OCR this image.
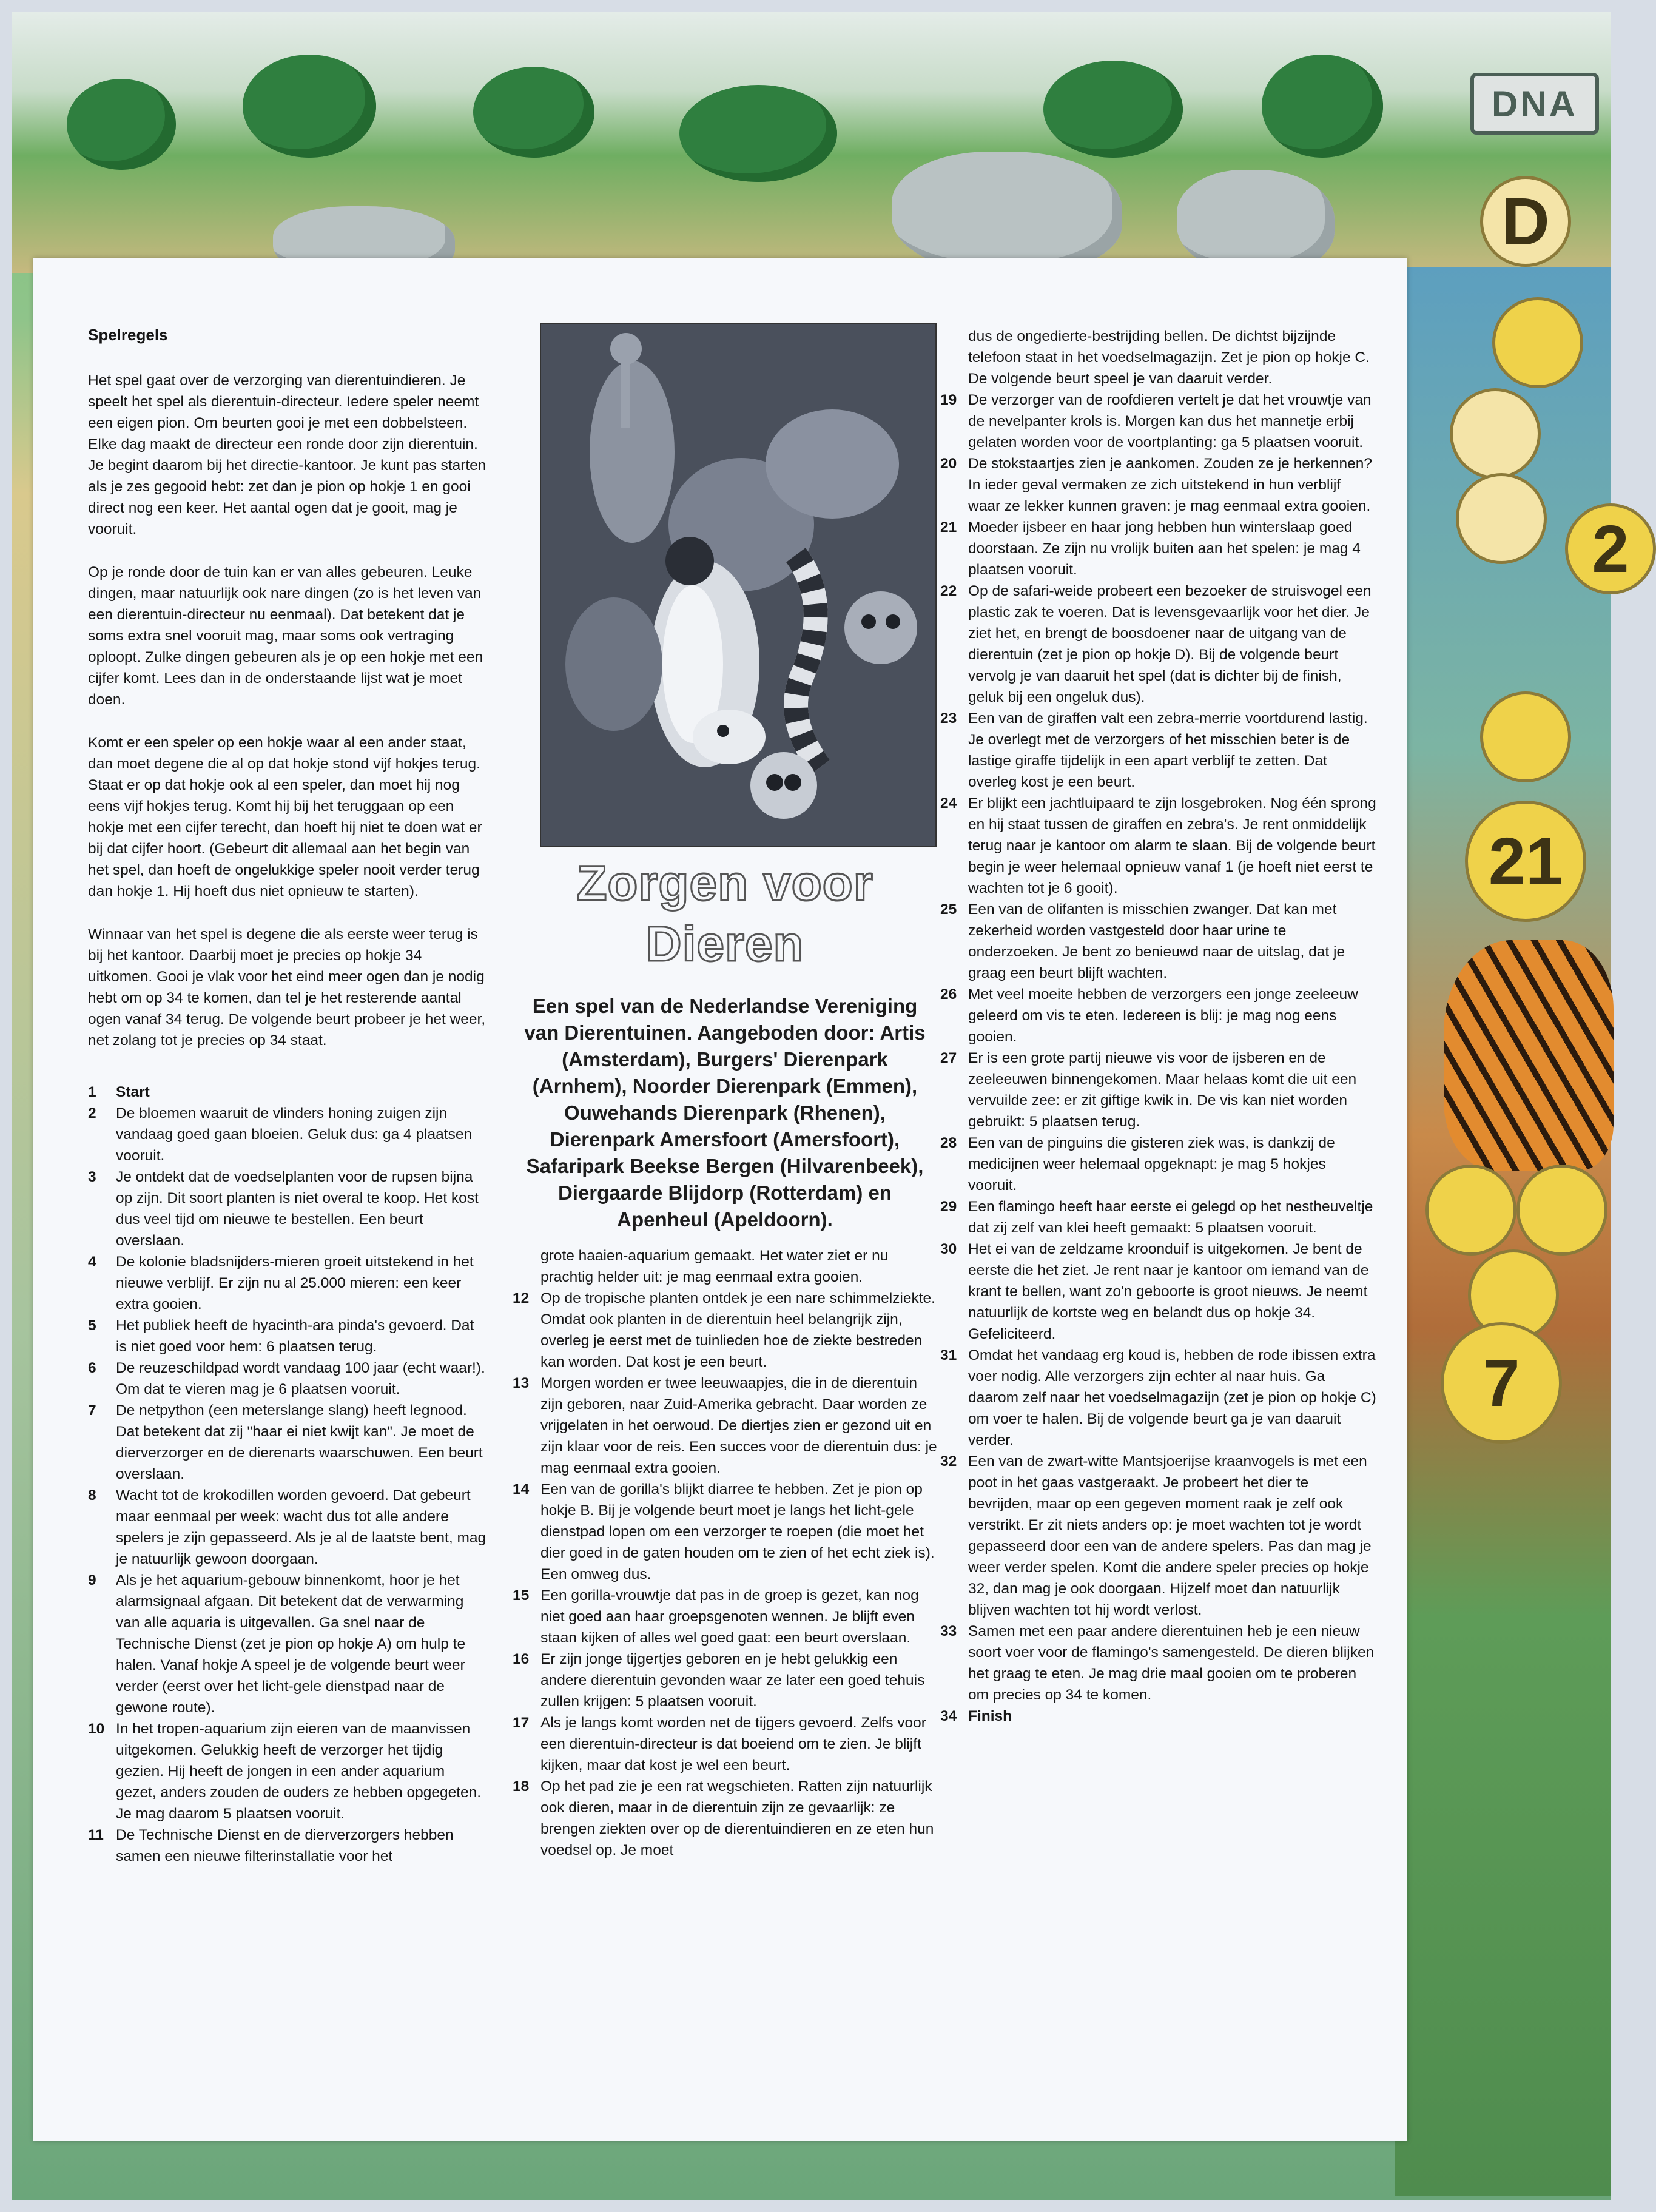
DNA
D
2
21
7
Spelregels

Het spel gaat over de verzorging van dierentuindieren. Je speelt het spel als dierentuin-directeur. Iedere speler neemt een eigen pion. Om beurten gooi je met een dobbelsteen. Elke dag maakt de directeur een ronde door zijn dierentuin. Je begint daarom bij het directie-kantoor. Je kunt pas starten als je zes gegooid hebt: zet dan je pion op hokje 1 en gooi direct nog een keer. Het aantal ogen dat je gooit, mag je vooruit.

Op je ronde door de tuin kan er van alles gebeuren. Leuke dingen, maar natuurlijk ook nare dingen (zo is het leven van een dierentuin-directeur nu eenmaal). Dat betekent dat je soms extra snel vooruit mag, maar soms ook vertraging oploopt. Zulke dingen gebeuren als je op een hokje met een cijfer komt. Lees dan in de onderstaande lijst wat je moet doen.

Komt er een speler op een hokje waar al een ander staat, dan moet degene die al op dat hokje stond vijf hokjes terug. Staat er op dat hokje ook al een speler, dan moet hij nog eens vijf hokjes terug. Komt hij bij het teruggaan op een hokje met een cijfer terecht, dan hoeft hij niet te doen wat er bij dat cijfer hoort. (Gebeurt dit allemaal aan het begin van het spel, dan hoeft de ongelukkige speler nooit verder terug dan hokje 1. Hij hoeft dus niet opnieuw te starten).

Winnaar van het spel is degene die als eerste weer terug is bij het kantoor. Daarbij moet je precies op hokje 34 uitkomen. Gooi je vlak voor het eind meer ogen dan je nodig hebt om op 34 te komen, dan tel je het resterende aantal ogen vanaf 34 terug. De volgende beurt probeer je het weer, net zolang tot je precies op 34 staat.

1	Start
2	De bloemen waaruit de vlinders honing zuigen zijn vandaag goed gaan bloeien. Geluk dus: ga 4 plaatsen vooruit.
3	Je ontdekt dat de voedselplanten voor de rupsen bijna op zijn. Dit soort planten is niet overal te koop. Het kost dus veel tijd om nieuwe te bestellen. Een beurt overslaan.
4	De kolonie bladsnijders-mieren groeit uitstekend in het nieuwe verblijf. Er zijn nu al 25.000 mieren: een keer extra gooien.
5	Het publiek heeft de hyacinth-ara pinda's gevoerd. Dat is niet goed voor hem: 6 plaatsen terug.
6	De reuzeschildpad wordt vandaag 100 jaar (echt waar!). Om dat te vieren mag je 6 plaatsen vooruit.
7	De netpython (een meterslange slang) heeft legnood. Dat betekent dat zij "haar ei niet kwijt kan". Je moet de dierverzorger en de dierenarts waarschuwen. Een beurt overslaan.
8	Wacht tot de krokodillen worden gevoerd. Dat gebeurt maar eenmaal per week: wacht dus tot alle andere spelers je zijn gepasseerd. Als je al de laatste bent, mag je natuurlijk gewoon doorgaan.
9	Als je het aquarium-gebouw binnenkomt, hoor je het alarmsignaal afgaan. Dit betekent dat de verwarming van alle aquaria is uitgevallen. Ga snel naar de Technische Dienst (zet je pion op hokje A) om hulp te halen. Vanaf hokje A speel je de volgende beurt weer verder (eerst over het licht-gele dienstpad naar de gewone route).
10 In het tropen-aquarium zijn eieren van de maanvissen uitgekomen. Gelukkig heeft de verzorger het tijdig gezien. Hij heeft de jongen in een ander aquarium gezet, anders zouden de ouders ze hebben opgegeten. Je mag daarom 5 plaatsen vooruit.
11 De Technische Dienst en de dierverzorgers hebben samen een nieuwe filterinstallatie voor het
Zorgen voor Dieren
Een spel van de Nederlandse Vereniging van Dierentuinen. Aangeboden door: Artis (Amsterdam), Burgers' Dierenpark (Arnhem), Noorder Dierenpark (Emmen), Ouwehands Dierenpark (Rhenen), Dierenpark Amersfoort (Amersfoort), Safaripark Beekse Bergen (Hilvarenbeek), Diergaarde Blijdorp (Rotterdam) en Apenheul (Apeldoorn).

grote haaien-aquarium gemaakt. Het water ziet er nu prachtig helder uit: je mag eenmaal extra gooien.

12 Op de tropische planten ontdek je een nare schimmelziekte. Omdat ook planten in de dierentuin heel belangrijk zijn, overleg je eerst met de tuinlieden hoe de ziekte bestreden kan worden. Dat kost je een beurt.
13 Morgen worden er twee leeuwaapjes, die in de dierentuin zijn geboren, naar Zuid-Amerika gebracht. Daar worden ze vrijgelaten in het oerwoud. De diertjes zien er gezond uit en zijn klaar voor de reis. Een succes voor de dierentuin dus: je mag eenmaal extra gooien.
14 Een van de gorilla's blijkt diarree te hebben. Zet je pion op hokje B. Bij je volgende beurt moet je langs het licht-gele dienstpad lopen om een verzorger te roepen (die moet het dier goed in de gaten houden om te zien of het echt ziek is). Een omweg dus.
15 Een gorilla-vrouwtje dat pas in de groep is gezet, kan nog niet goed aan haar groepsgenoten wennen. Je blijft even staan kijken of alles wel goed gaat: een beurt overslaan.
16 Er zijn jonge tijgertjes geboren en je hebt gelukkig een andere dierentuin gevonden waar ze later een goed tehuis zullen krijgen: 5 plaatsen vooruit.
17 Als je langs komt worden net de tijgers gevoerd. Zelfs voor een dierentuin-directeur is dat boeiend om te zien. Je blijft kijken, maar dat kost je wel een beurt.
18 Op het pad zie je een rat wegschieten. Ratten zijn natuurlijk ook dieren, maar in de dierentuin zijn ze gevaarlijk: ze brengen ziekten over op de dierentuindieren en ze eten hun voedsel op. Je moet

dus de ongedierte-bestrijding bellen. De dichtst bijzijnde telefoon staat in het voedselmagazijn. Zet je pion op hokje C. De volgende beurt speel je van daaruit verder.

19 De verzorger van de roofdieren vertelt je dat het vrouwtje van de nevelpanter krols is. Morgen kan dus het mannetje erbij gelaten worden voor de voortplanting: ga 5 plaatsen vooruit.
20 De stokstaartjes zien je aankomen. Zouden ze je herkennen? In ieder geval vermaken ze zich uitstekend in hun verblijf waar ze lekker kunnen graven: je mag eenmaal extra gooien.
21 Moeder ijsbeer en haar jong hebben hun winterslaap goed doorstaan. Ze zijn nu vrolijk buiten aan het spelen: je mag 4 plaatsen vooruit.
22 Op de safari-weide probeert een bezoeker de struisvogel een plastic zak te voeren. Dat is levensgevaarlijk voor het dier. Je ziet het, en brengt de boosdoener naar de uitgang van de dierentuin (zet je pion op hokje D). Bij de volgende beurt vervolg je van daaruit het spel (dat is dichter bij de finish, geluk bij een ongeluk dus).
23 Een van de giraffen valt een zebra-merrie voortdurend lastig. Je overlegt met de verzorgers of het misschien beter is de lastige giraffe tijdelijk in een apart verblijf te zetten. Dat overleg kost je een beurt.
24 Er blijkt een jachtluipaard te zijn losgebroken. Nog één sprong en hij staat tussen de giraffen en zebra's. Je rent onmiddelijk terug naar je kantoor om alarm te slaan. Bij de volgende beurt begin je weer helemaal opnieuw vanaf 1 (je hoeft niet eerst te wachten tot je 6 gooit).
25 Een van de olifanten is misschien zwanger. Dat kan met zekerheid worden vastgesteld door haar urine te onderzoeken. Je bent zo benieuwd naar de uitslag, dat je graag een beurt blijft wachten.
26 Met veel moeite hebben de verzorgers een jonge zeeleeuw geleerd om vis te eten. Iedereen is blij: je mag nog eens gooien.
27 Er is een grote partij nieuwe vis voor de ijsberen en de zeeleeuwen binnengekomen. Maar helaas komt die uit een vervuilde zee: er zit giftige kwik in. De vis kan niet worden gebruikt: 5 plaatsen terug.
28 Een van de pinguins die gisteren ziek was, is dankzij de medicijnen weer helemaal opgeknapt: je mag 5 hokjes vooruit.
29 Een flamingo heeft haar eerste ei gelegd op het nestheuveltje dat zij zelf van klei heeft gemaakt: 5 plaatsen vooruit.
30 Het ei van de zeldzame kroonduif is uitgekomen. Je bent de eerste die het ziet. Je rent naar je kantoor om iemand van de krant te bellen, want zo'n geboorte is groot nieuws. Je neemt natuurlijk de kortste weg en belandt dus op hokje 34. Gefeliciteerd.
31 Omdat het vandaag erg koud is, hebben de rode ibissen extra voer nodig. Alle verzorgers zijn echter al naar huis. Ga daarom zelf naar het voedselmagazijn (zet je pion op hokje C) om voer te halen. Bij de volgende beurt ga je van daaruit verder.
32 Een van de zwart-witte Mantsjoerijse kraanvogels is met een poot in het gaas vastgeraakt. Je probeert het dier te bevrijden, maar op een gegeven moment raak je zelf ook verstrikt. Er zit niets anders op: je moet wachten tot je wordt gepasseerd door een van de andere spelers. Pas dan mag je weer verder spelen. Komt die andere speler precies op hokje 32, dan mag je ook doorgaan. Hijzelf moet dan natuurlijk blijven wachten tot hij wordt verlost.
33 Samen met een paar andere dierentuinen heb je een nieuw soort voer voor de flamingo's samengesteld. De dieren blijken het graag te eten. Je mag drie maal gooien om te proberen om precies op 34 te komen.
34 Finish
